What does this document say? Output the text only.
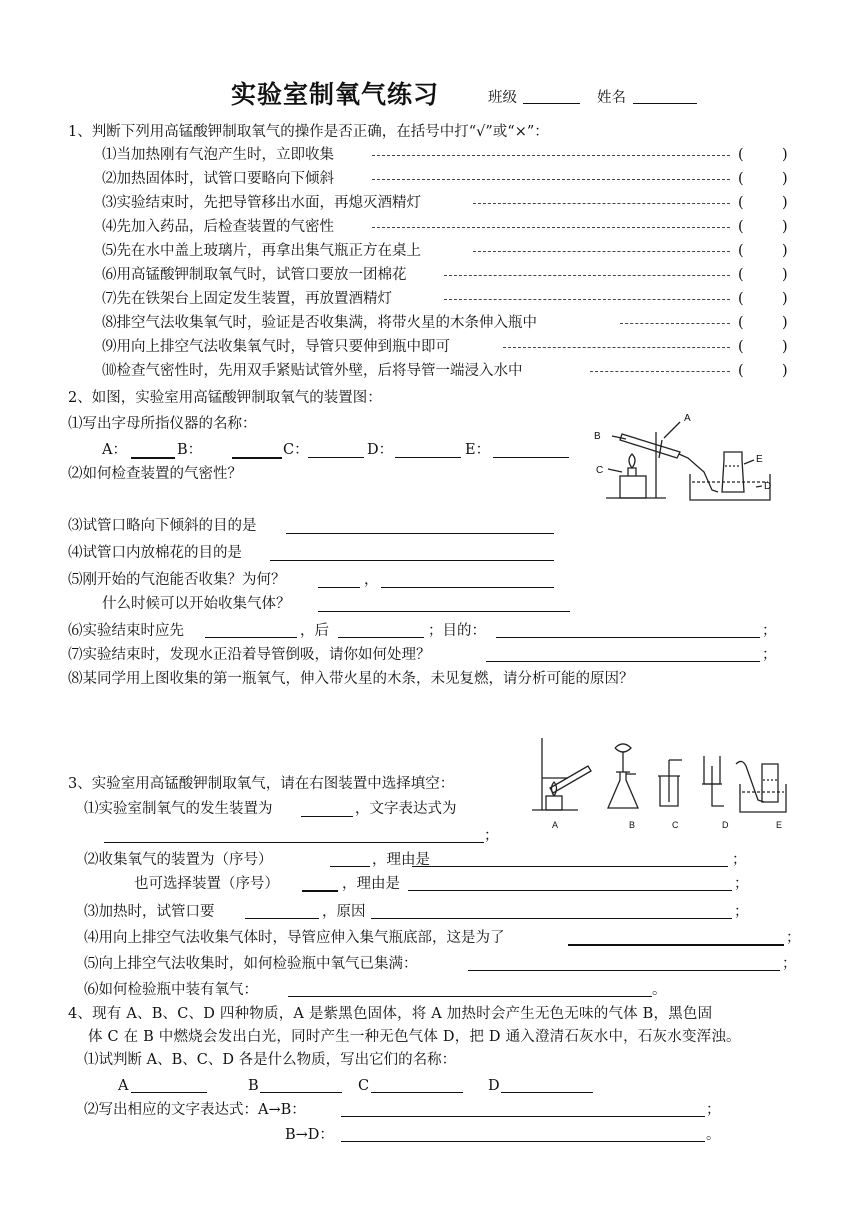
实验室制氧气练习	班级	姓名
1、判断下列用高锰酸钾制取氧气的操作是否正确，在括号中打“√”或“×”：
⑴当加热刚有气泡产生时，立即收集	(	)
⑵加热固体时，试管口要略向下倾斜	(	)
⑶实验结束时，先把导管移出水面，再熄灭酒精灯	(	)
⑷先加入药品，后检查装置的气密性	(	)
⑸先在水中盖上玻璃片，再拿出集气瓶正方在桌上	(	)
⑹用高锰酸钾制取氧气时，试管口要放一团棉花	(	)
⑺先在铁架台上固定发生装置，再放置酒精灯	(	)
⑻排空气法收集氧气时，验证是否收集满，将带火星的木条伸入瓶中	(	)
⑼用向上排空气法收集氧气时，导管只要伸到瓶中即可	(	)
⑽检查气密性时，先用双手紧贴试管外壁，后将导管一端浸入水中	(	)
2、如图，实验室用高锰酸钾制取氧气的装置图：
⑴写出字母所指仪器的名称：
A：	B：	C：	D：	E：
⑵如何检查装置的气密性？
A
B
C
D
E
⑶试管口略向下倾斜的目的是
⑷试管口内放棉花的目的是
⑸刚开始的气泡能否收集？为何？	，
什么时候可以开始收集气体？
⑹实验结束时应先	，后	；目的：	；
⑺实验结束时，发现水正沿着导管倒吸，请你如何处理？	；
⑻某同学用上图收集的第一瓶氧气，伸入带火星的木条，未见复燃，请分析可能的原因？
3、实验室用高锰酸钾制取氧气，请在右图装置中选择填空：
A	B	C	D	E
⑴实验室制氧气的发生装置为	，文字表达式为
；
⑵收集氧气的装置为（序号）	，理由是	；
也可选择装置（序号）	，理由是	；
⑶加热时，试管口要	，原因	；
⑷用向上排空气法收集气体时，导管应伸入集气瓶底部，这是为了	；
⑸向上排空气法收集时，如何检验瓶中氧气已集满：	；
⑹如何检验瓶中装有氧气：	。
4、现有 A、B、C、D 四种物质，A 是紫黑色固体，将 A 加热时会产生无色无味的气体 B，黑色固
体 C 在 B 中燃烧会发出白光，同时产生一种无色气体 D，把 D 通入澄清石灰水中，石灰水变浑浊。
⑴试判断 A、B、C、D 各是什么物质，写出它们的名称：
A	B	C	D
⑵写出相应的文字表达式：A→B：	；
B→D：	。
